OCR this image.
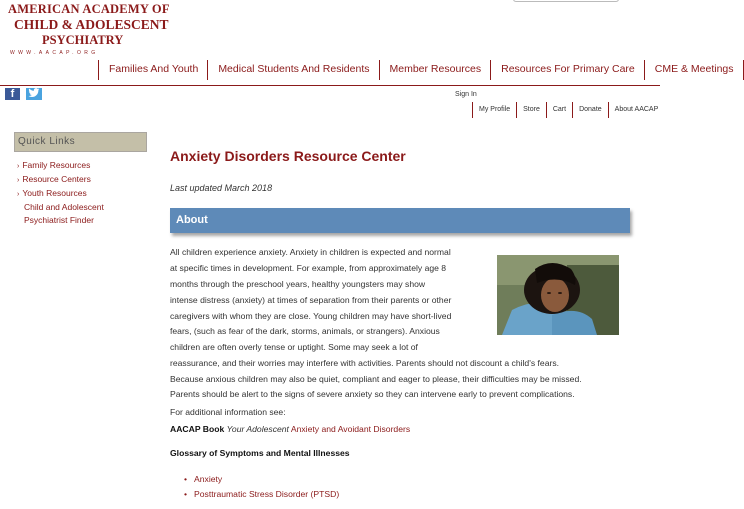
AMERICAN ACADEMY OF
CHILD & ADOLESCENT
PSYCHIATRY
WWW.AACAP.ORG
Families And Youth	Medical Students And Residents	Member Resources	Resources For Primary Care	CME & Meetings
f	Sign In
My Profile	Store	Cart	Donate	About AACAP
Quick Links
› Family Resources
› Resource Centers
› Youth Resources
Child and Adolescent
Psychiatrist Finder
Anxiety Disorders Resource Center
Last updated March 2018
About
All children experience anxiety. Anxiety in children is expected and normal
at specific times in development. For example, from approximately age 8
months through the preschool years, healthy youngsters may show
intense distress (anxiety) at times of separation from their parents or other
caregivers with whom they are close. Young children may have short-lived
fears, (such as fear of the dark, storms, animals, or strangers). Anxious
children are often overly tense or uptight. Some may seek a lot of
reassurance, and their worries may interfere with activities. Parents should not discount a child's fears.
Because anxious children may also be quiet, compliant and eager to please, their difficulties may be missed.
Parents should be alert to the signs of severe anxiety so they can intervene early to prevent complications.
For additional information see:
AACAP Book Your Adolescent Anxiety and Avoidant Disorders
Glossary of Symptoms and Mental Illnesses
• Anxiety
• Posttraumatic Stress Disorder (PTSD)
